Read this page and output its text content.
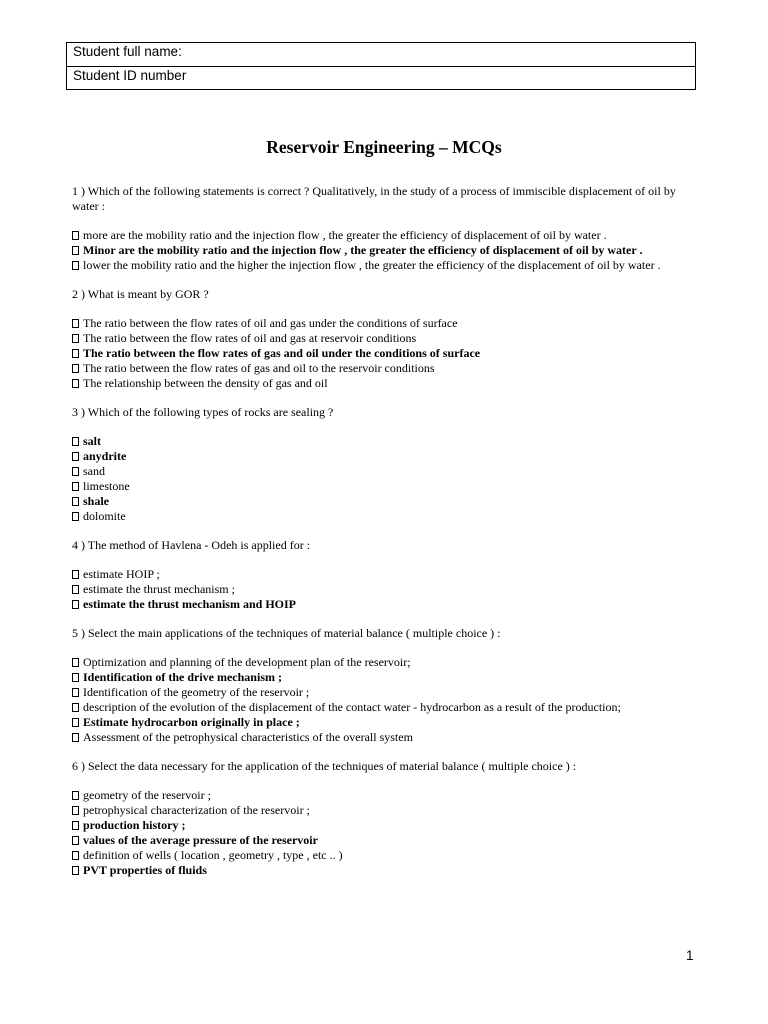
Student full name:
Student ID number
Reservoir Engineering – MCQs
1 ) Which of the following statements is correct ? Qualitatively, in the study of a process of immiscible displacement of oil by water :
more are the mobility ratio and the injection flow , the greater the efficiency of displacement of oil by water .
Minor are the mobility ratio and the injection flow , the greater the efficiency of displacement of oil by water .
lower the mobility ratio and the higher the injection flow , the greater the efficiency of the displacement of oil by water .
2 ) What is meant by GOR ?
The ratio between the flow rates of oil and gas under the conditions of surface
The ratio between the flow rates of oil and gas at reservoir conditions
The ratio between the flow rates of gas and oil under the conditions of surface
The ratio between the flow rates of gas and oil to the reservoir conditions
The relationship between the density of gas and oil
3 ) Which of the following types of rocks are sealing ?
salt
anydrite
sand
limestone
shale
dolomite
4 ) The method of Havlena - Odeh is applied for :
estimate HOIP ;
estimate the thrust mechanism ;
estimate the thrust mechanism and HOIP
5 ) Select the main applications of the techniques of material balance ( multiple choice ) :
Optimization and planning of the development plan of the reservoir;
Identification of the drive mechanism ;
Identification of the geometry of the reservoir ;
description of the evolution of the displacement of the contact water - hydrocarbon as a result of the production;
Estimate hydrocarbon originally in place ;
Assessment of the petrophysical characteristics of the overall system
6 ) Select the data necessary for the application of the techniques of material balance ( multiple choice ) :
geometry of the reservoir ;
petrophysical characterization of the reservoir ;
production history ;
values of the average pressure of the reservoir
definition of wells ( location , geometry , type , etc .. )
PVT properties of fluids
1
